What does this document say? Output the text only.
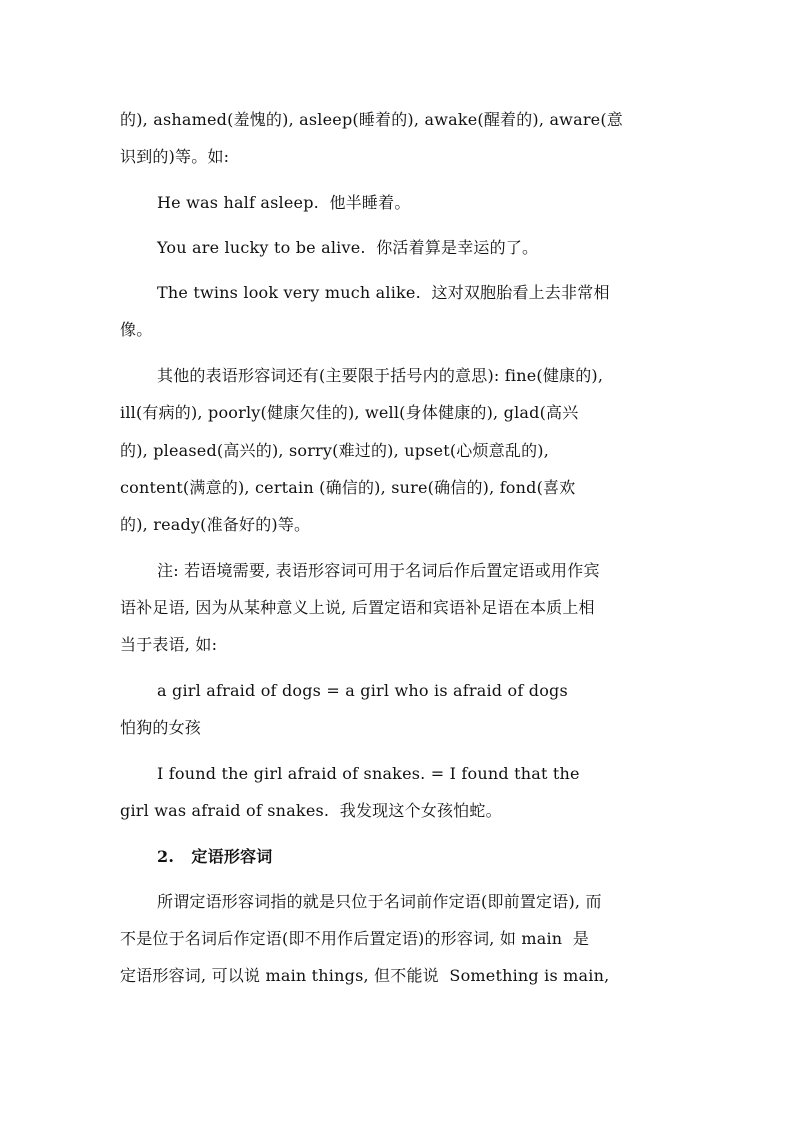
的), ashamed(羞愧的), asleep(睡着的), awake(醒着的), aware(意
识到的)等。如:
He was half asleep.  他半睡着。
You are lucky to be alive.  你活着算是幸运的了。
The twins look very much alike.  这对双胞胎看上去非常相
像。
其他的表语形容词还有(主要限于括号内的意思): fine(健康的),
ill(有病的), poorly(健康欠佳的), well(身体健康的), glad(高兴
的), pleased(高兴的), sorry(难过的), upset(心烦意乱的),
content(满意的), certain (确信的), sure(确信的), fond(喜欢
的), ready(准备好的)等。
注: 若语境需要, 表语形容词可用于名词后作后置定语或用作宾
语补足语, 因为从某种意义上说, 后置定语和宾语补足语在本质上相
当于表语, 如:
a girl afraid of dogs = a girl who is afraid of dogs
怕狗的女孩
I found the girl afraid of snakes. = I found that the
girl was afraid of snakes.  我发现这个女孩怕蛇。
2.   定语形容词
所谓定语形容词指的就是只位于名词前作定语(即前置定语), 而
不是位于名词后作定语(即不用作后置定语)的形容词, 如 main  是
定语形容词, 可以说 main things, 但不能说  Something is main,
